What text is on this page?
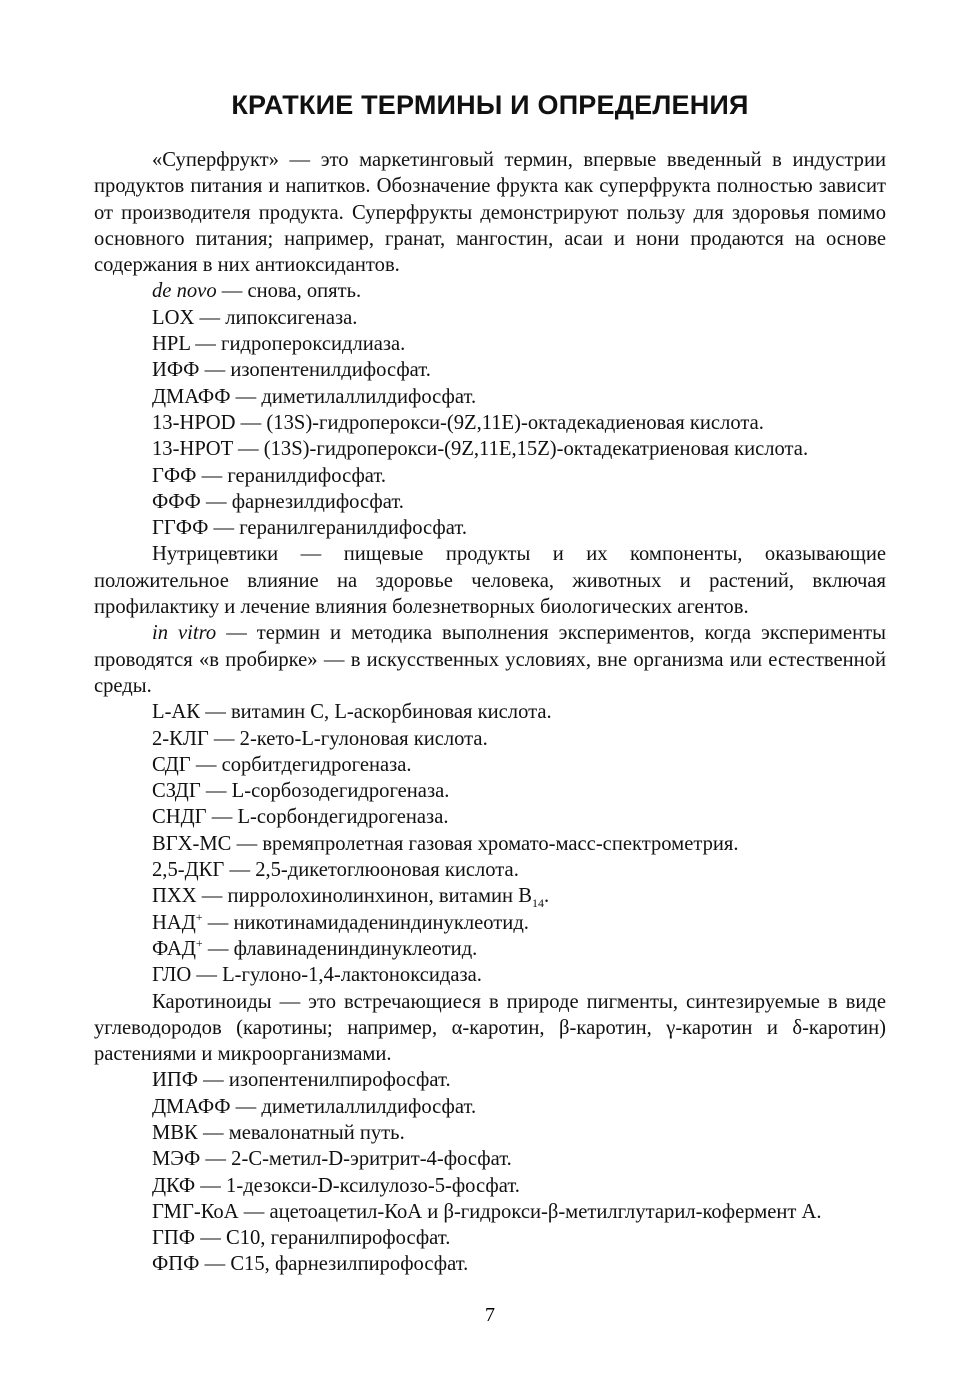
КРАТКИЕ ТЕРМИНЫ И ОПРЕДЕЛЕНИЯ

«Суперфрукт» — это маркетинговый термин, впервые введенный в индустрии продуктов питания и напитков. Обозначение фрукта как суперфрукта полностью зависит от производителя продукта. Суперфрукты демонстрируют пользу для здоровья помимо основного питания; например, гранат, мангостин, асаи и нони продаются на основе содержания в них антиоксидантов.

de novo — снова, опять.

LOX — липоксигеназа.

HPL — гидропероксидлиаза.

ИФФ — изопентенилдифосфат.

ДМАФФ — диметилаллилдифосфат.

13-HPOD — (13S)-гидроперокси-(9Z,11E)-октадекадиеновая кислота.

13-HPOT — (13S)-гидроперокси-(9Z,11E,15Z)-октадекатриеновая кислота.

ГФФ — геранилдифосфат.

ФФФ — фарнезилдифосфат.

ГГФФ — геранилгеранилдифосфат.

Нутрицевтики — пищевые продукты и их компоненты, оказывающие положительное влияние на здоровье человека, животных и растений, включая профилактику и лечение влияния болезнетворных биологических агентов.

in vitro — термин и методика выполнения экспериментов, когда эксперименты проводятся «в пробирке» — в искусственных условиях, вне организма или естественной среды.

L-АК — витамин С, L-аскорбиновая кислота.

2-КЛГ — 2-кето-L-гулоновая кислота.

СДГ — сорбитдегидрогеназа.

СЗДГ — L-сорбозодегидрогеназа.

СНДГ — L-сорбондегидрогеназа.

ВГХ-МС — времяпролетная газовая хромато-масс-спектрометрия.

2,5-ДКГ — 2,5-дикетоглюоновая кислота.

ПХХ — пирролохинолинхинон, витамин $В_{14}$.

НАД+ — никотинамидадениндинуклеотид.

ФАД+ — флавинадениндинуклеотид.

ГЛО — L-гулоно-1,4-лактоноксидаза.

Каротиноиды — это встречающиеся в природе пигменты, синтезируемые в виде углеводородов (каротины; например, α-каротин, β-каротин, γ-каротин и δ-каротин) растениями и микроорганизмами.

ИПФ — изопентенилпирофосфат.

ДМАФФ — диметилаллилдифосфат.

МВК — мевалонатный путь.

МЭФ — 2-С-метил-D-эритрит-4-фосфат.

ДКФ — 1-дезокси-D-ксилулозо-5-фосфат.

ГМГ-КоА — ацетоацетил-КоА и β-гидрокси-β-метилглутарил-кофермент А.

ГПФ — С10, геранилпирофосфат.

ФПФ — С15, фарнезилпирофосфат.

7
